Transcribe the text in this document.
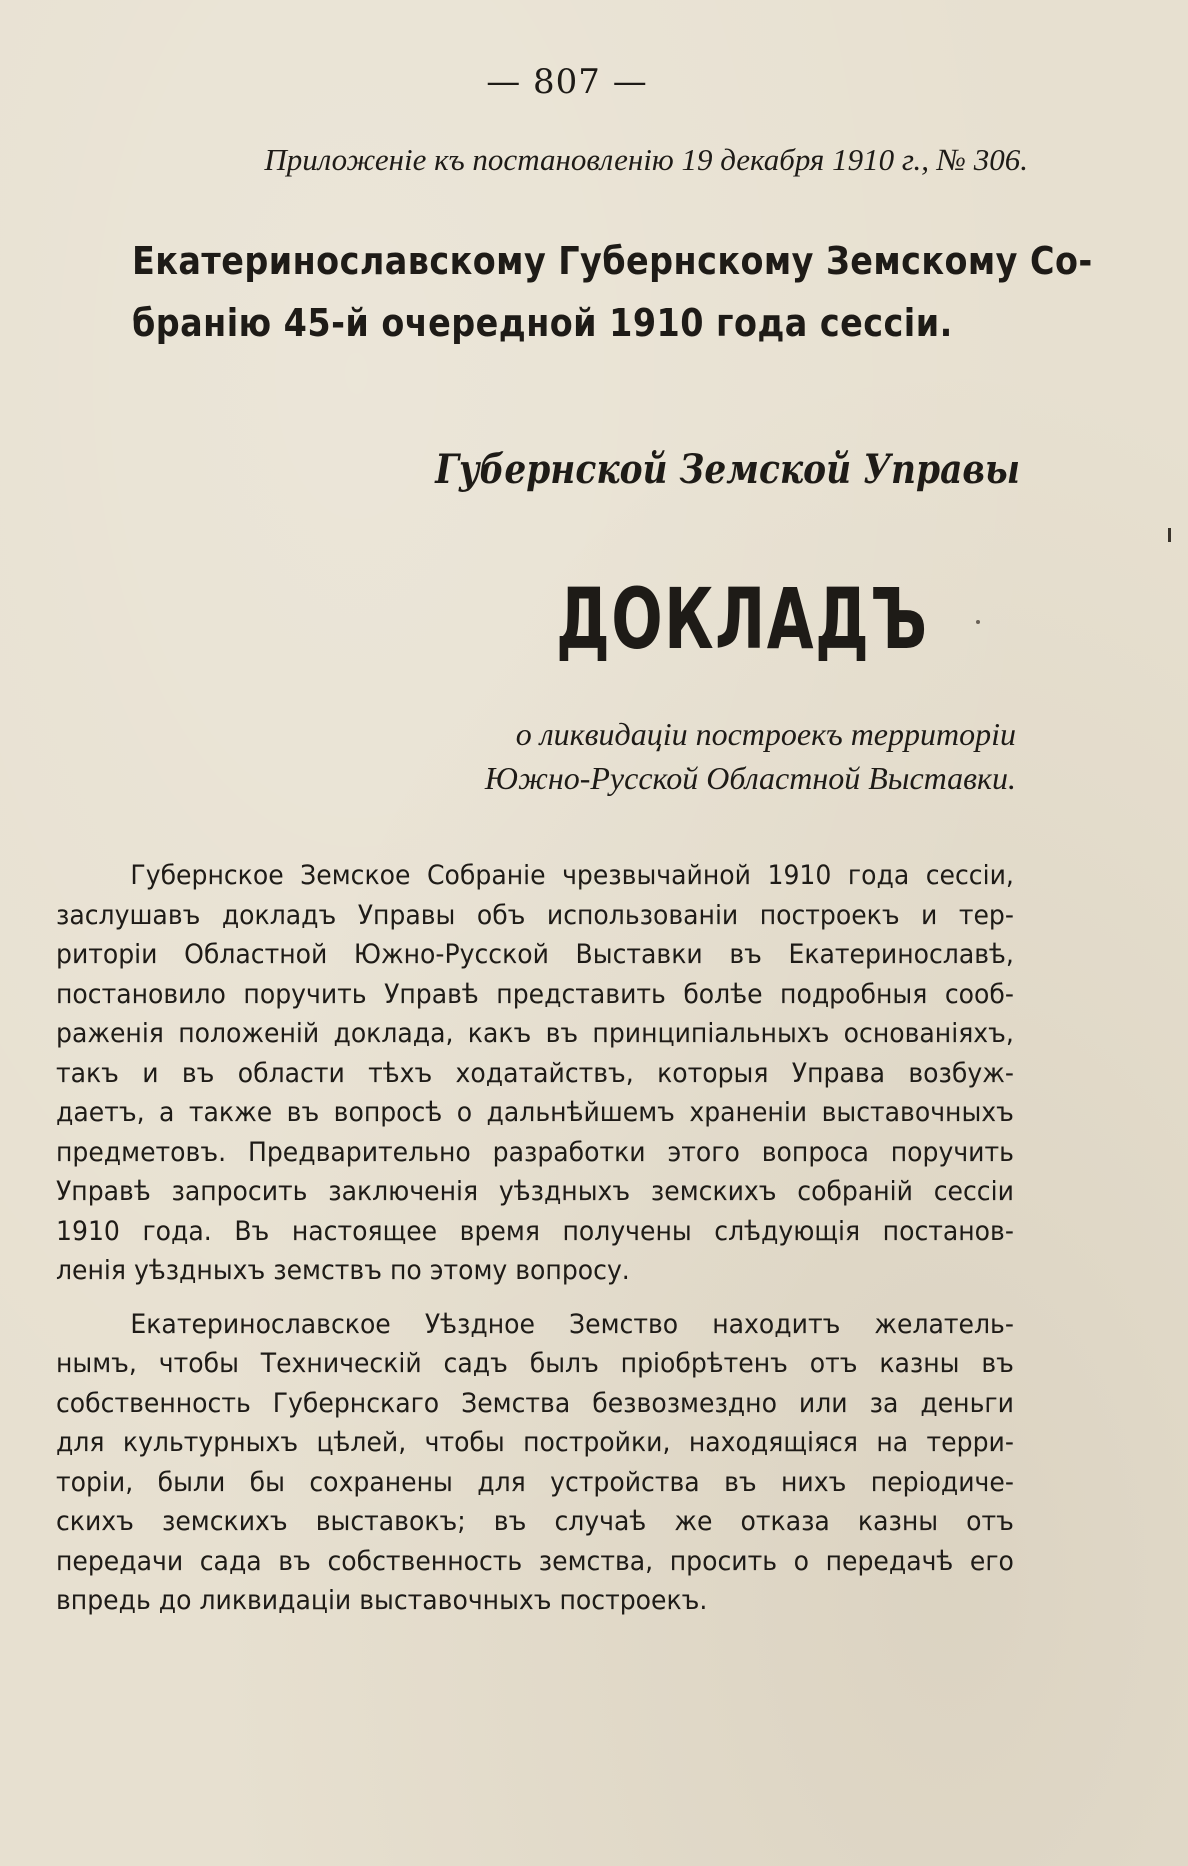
— 807 —
Приложеніе къ постановленію 19 декабря 1910 г., № 306.
Екатеринославскому Губернскому Земскому Со-
бранію 45-й очередной 1910 года сессіи.
Губернской Земской Управы
ДОКЛАДЪ
о ликвидаціи построекъ территоріи
Южно-Русской Областной Выставки.
Губернское Земское Собраніе чрезвычайной 1910 года сессіи,
заслушавъ докладъ Управы объ использованіи построекъ и тер-
риторіи Областной Южно-Русской Выставки въ Екатеринославѣ,
постановило поручить Управѣ представить болѣе подробныя сооб-
раженія положеній доклада, какъ въ принципіальныхъ основаніяхъ,
такъ и въ области тѣхъ ходатайствъ, которыя Управа возбуж-
даетъ, а также въ вопросѣ о дальнѣйшемъ храненіи выставочныхъ
предметовъ. Предварительно разработки этого вопроса поручить
Управѣ запросить заключенія уѣздныхъ земскихъ собраній сессіи
1910 года. Въ настоящее время получены слѣдующія постанов-
ленія уѣздныхъ земствъ по этому вопросу.
Екатеринославское Уѣздное Земство находитъ желатель-
нымъ, чтобы Техническій садъ былъ пріобрѣтенъ отъ казны въ
собственность Губернскаго Земства безвозмездно или за деньги
для культурныхъ цѣлей, чтобы постройки, находящіяся на терри-
торіи, были бы сохранены для устройства въ нихъ періодиче-
скихъ земскихъ выставокъ; въ случаѣ же отказа казны отъ
передачи сада въ собственность земства, просить о передачѣ его
впредь до ликвидаціи выставочныхъ построекъ.
